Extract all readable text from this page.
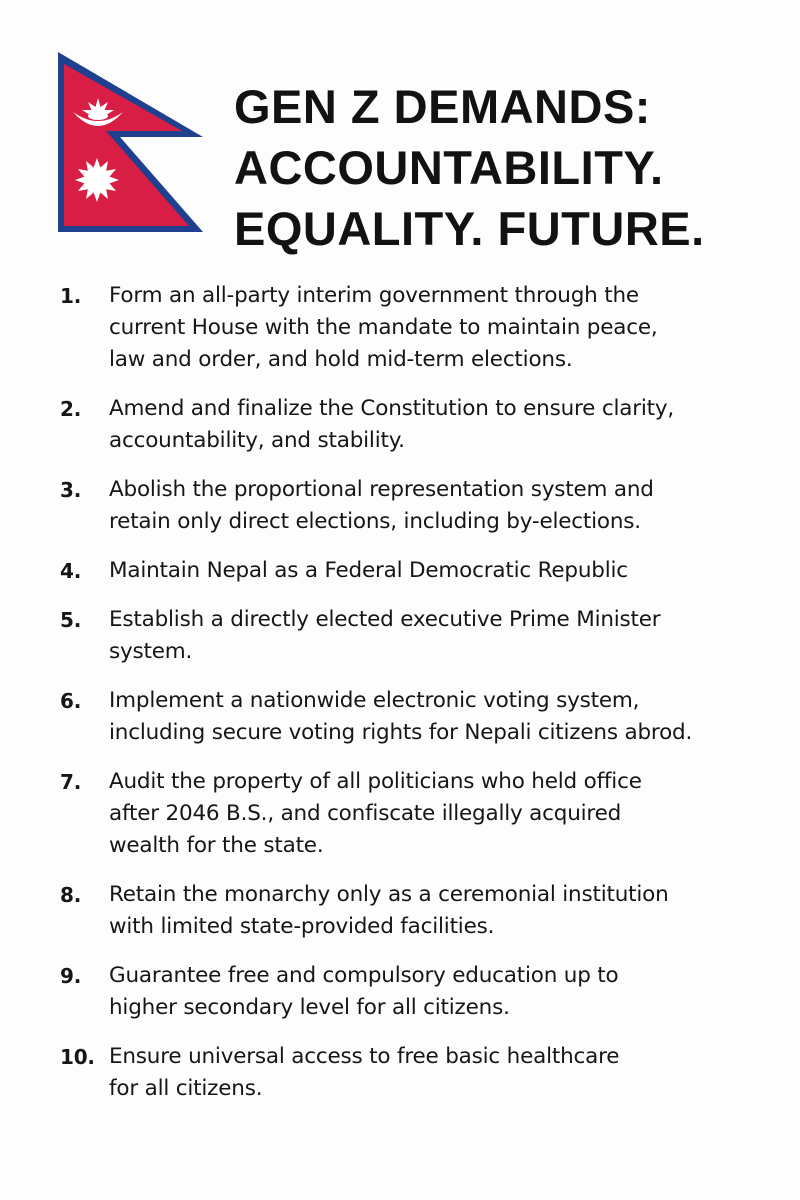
GEN Z DEMANDS:
ACCOUNTABILITY.
EQUALITY. FUTURE.
1. Form an all-party interim government through the
current House with the mandate to maintain peace,
law and order, and hold mid-term elections.
2. Amend and finalize the Constitution to ensure clarity,
accountability, and stability.
3. Abolish the proportional representation system and
retain only direct elections, including by-elections.
4. Maintain Nepal as a Federal Democratic Republic
5. Establish a directly elected executive Prime Minister
system.
6. Implement a nationwide electronic voting system,
including secure voting rights for Nepali citizens abrod.
7. Audit the property of all politicians who held office
after 2046 B.S., and confiscate illegally acquired
wealth for the state.
8. Retain the monarchy only as a ceremonial institution
with limited state-provided facilities.
9. Guarantee free and compulsory education up to
higher secondary level for all citizens.
10. Ensure universal access to free basic healthcare
for all citizens.
